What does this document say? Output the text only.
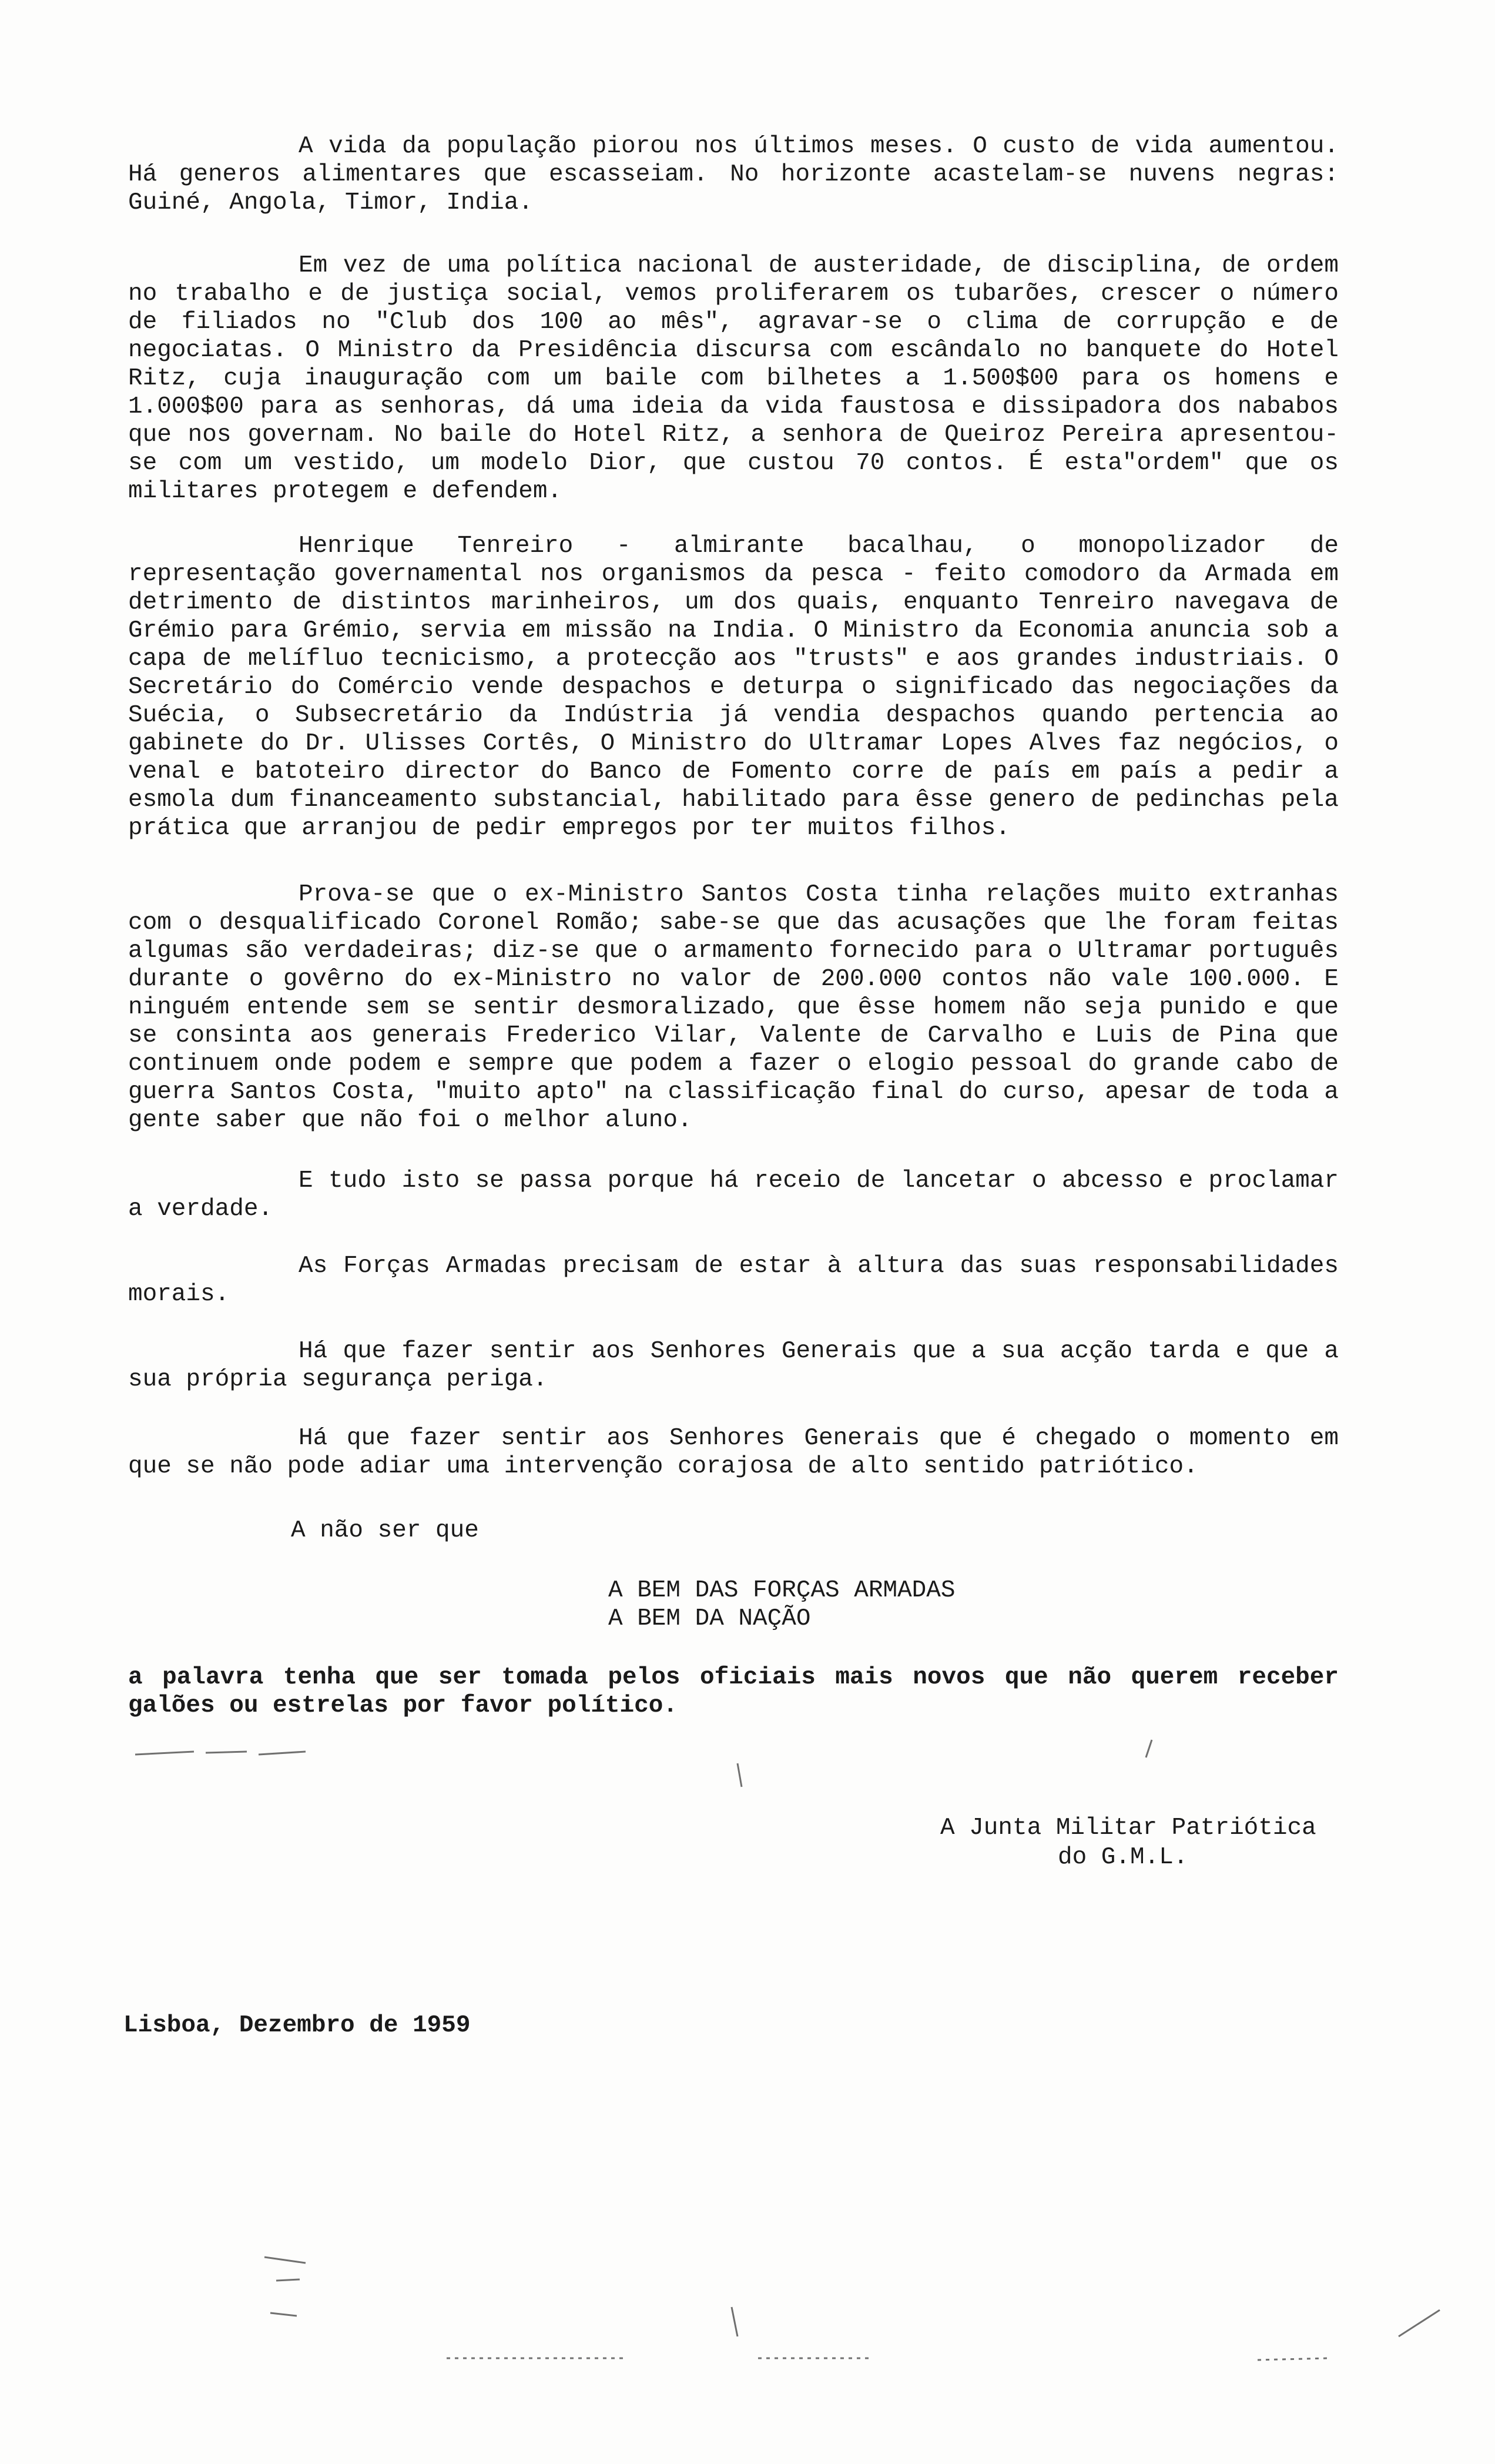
A vida da população piorou nos últimos meses. O custo de vida aumentou. Há generos alimentares que escasseiam. No horizonte acastelam-se nuvens negras: Guiné, Angola, Timor, India.

Em vez de uma política nacional de austeridade, de disciplina, de ordem no trabalho e de justiça social, vemos proliferarem os tubarões, crescer o número de filiados no "Club dos 100 ao mês", agravar-se o clima de corrupção e de negociatas. O Ministro da Presidência discursa com escândalo no banquete do Hotel Ritz, cuja inauguração com um baile com bilhetes a 1.500$00 para os homens e 1.000$00 para as senhoras, dá uma ideia da vida faustosa e dissipadora dos nababos que nos governam. No baile do Hotel Ritz, a senhora de Queiroz Pereira apresentou-se com um vestido, um modelo Dior, que custou 70 contos. É esta"ordem" que os militares protegem e defendem.

Henrique Tenreiro - almirante bacalhau, o monopolizador de representação governamental nos organismos da pesca - feito comodoro da Armada em detrimento de distintos marinheiros, um dos quais, enquanto Tenreiro navegava de Grémio para Grémio, servia em missão na India. O Ministro da Economia anuncia sob a capa de melífluo tecnicismo, a protecção aos "trusts" e aos grandes industriais. O Secretário do Comércio vende despachos e deturpa o significado das negociações da Suécia, o Subsecretário da Indústria já vendia despachos quando pertencia ao gabinete do Dr. Ulisses Cortês, O Ministro do Ultramar Lopes Alves faz negócios, o venal e batoteiro director do Banco de Fomento corre de país em país a pedir a esmola dum financeamento substancial, habilitado para êsse genero de pedinchas pela prática que arranjou de pedir empregos por ter muitos filhos.

Prova-se que o ex-Ministro Santos Costa tinha relações muito extranhas com o desqualificado Coronel Romão; sabe-se que das acusações que lhe foram feitas algumas são verdadeiras; diz-se que o armamento fornecido para o Ultramar português durante o govêrno do ex-Ministro no valor de 200.000 contos não vale 100.000. E ninguém entende sem se sentir desmoralizado, que êsse homem não seja punido e que se consinta aos generais Frederico Vilar, Valente de Carvalho e Luis de Pina que continuem onde podem e sempre que podem a fazer o elogio pessoal do grande cabo de guerra Santos Costa, "muito apto" na classificação final do curso, apesar de toda a gente saber que não foi o melhor aluno.

E tudo isto se passa porque há receio de lancetar o abcesso e proclamar a verdade.

As Forças Armadas precisam de estar à altura das suas responsabilidades morais.

Há que fazer sentir aos Senhores Generais que a sua acção tarda e que a sua própria segurança periga.

Há que fazer sentir aos Senhores Generais que é chegado o momento em que se não pode adiar uma intervenção corajosa de alto sentido patriótico.

A não ser que

A BEM DAS FORÇAS ARMADAS
A BEM DA NAÇÃO

a palavra tenha que ser tomada pelos oficiais mais novos que não querem receber galões ou estrelas por favor político.

A Junta Militar Patriótica
do G.M.L.
Lisboa, Dezembro de 1959
